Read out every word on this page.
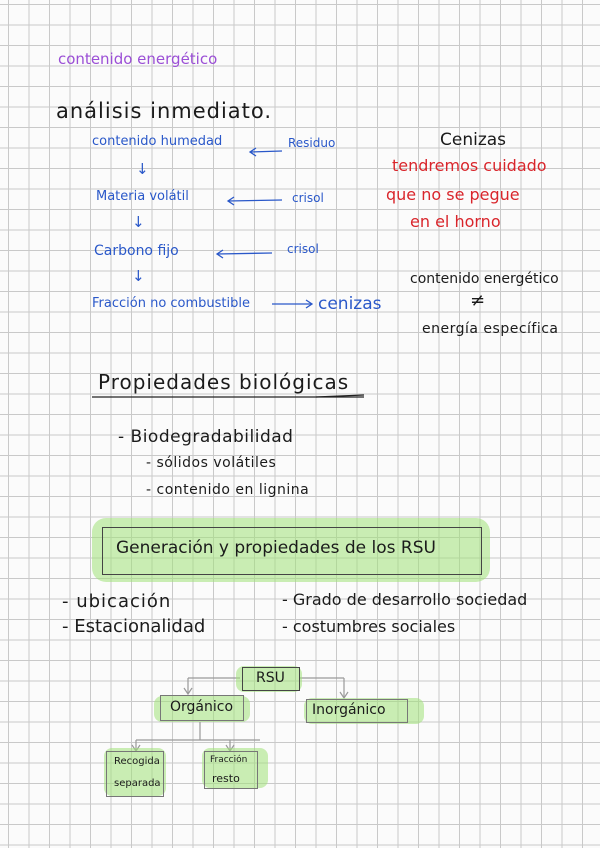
contenido energético
análisis inmediato.
contenido humedad
↓
Materia volátil
↓
Carbono fijo
↓
Fracción no combustible
Residuo
crisol
crisol
cenizas
Cenizas
tendremos cuidado
que no se pegue
en el horno
contenido energético
≠
energía específica
Propiedades biológicas
- Biodegradabilidad
- sólidos volátiles
- contenido en lignina
Generación y propiedades de los RSU
- ubicación
- Estacionalidad
- Grado de desarrollo sociedad
- costumbres sociales
RSU
Orgánico	Inorgánico
Recogida
separada
Fracción
resto
